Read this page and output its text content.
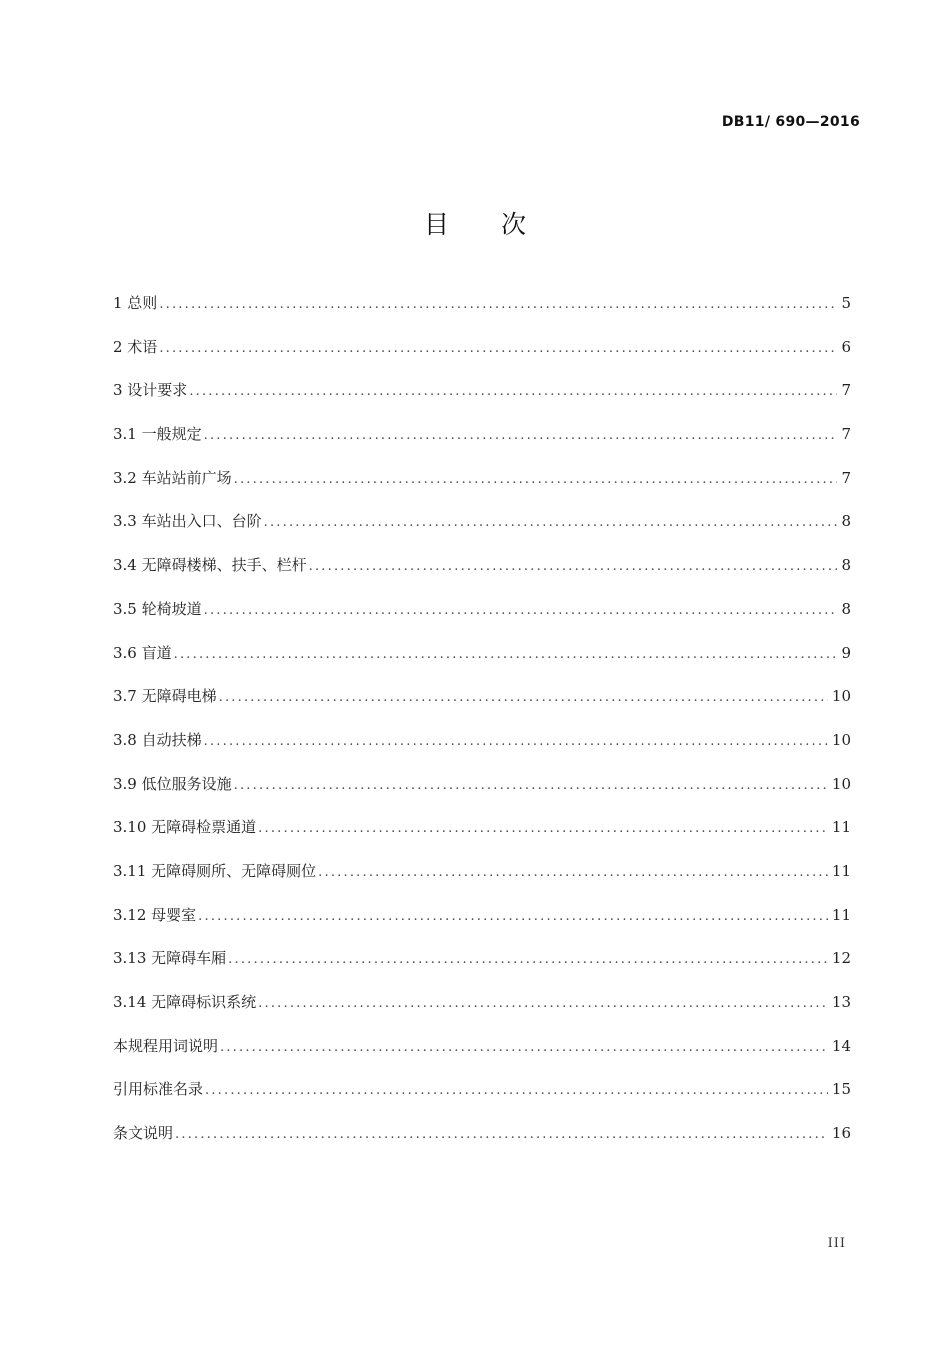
DB11/ 690—2016
目 次
1 总则 .....	5
2 术语 .....	6
3 设计要求 .....	7
3.1 一般规定 .....	7
3.2 车站站前广场 .....	7
3.3 车站出入口、台阶 .....	8
3.4 无障碍楼梯、扶手、栏杆 .....	8
3.5 轮椅坡道 .....	8
3.6 盲道 .....	9
3.7 无障碍电梯 .....	10
3.8 自动扶梯 .....	10
3.9 低位服务设施 .....	10
3.10 无障碍检票通道 .....	11
3.11 无障碍厕所、无障碍厕位 .....	11
3.12 母婴室 .....	11
3.13 无障碍车厢 .....	12
3.14 无障碍标识系统 .....	13
本规程用词说明 .....	14
引用标准名录 .....	15
条文说明 .....	16
III
